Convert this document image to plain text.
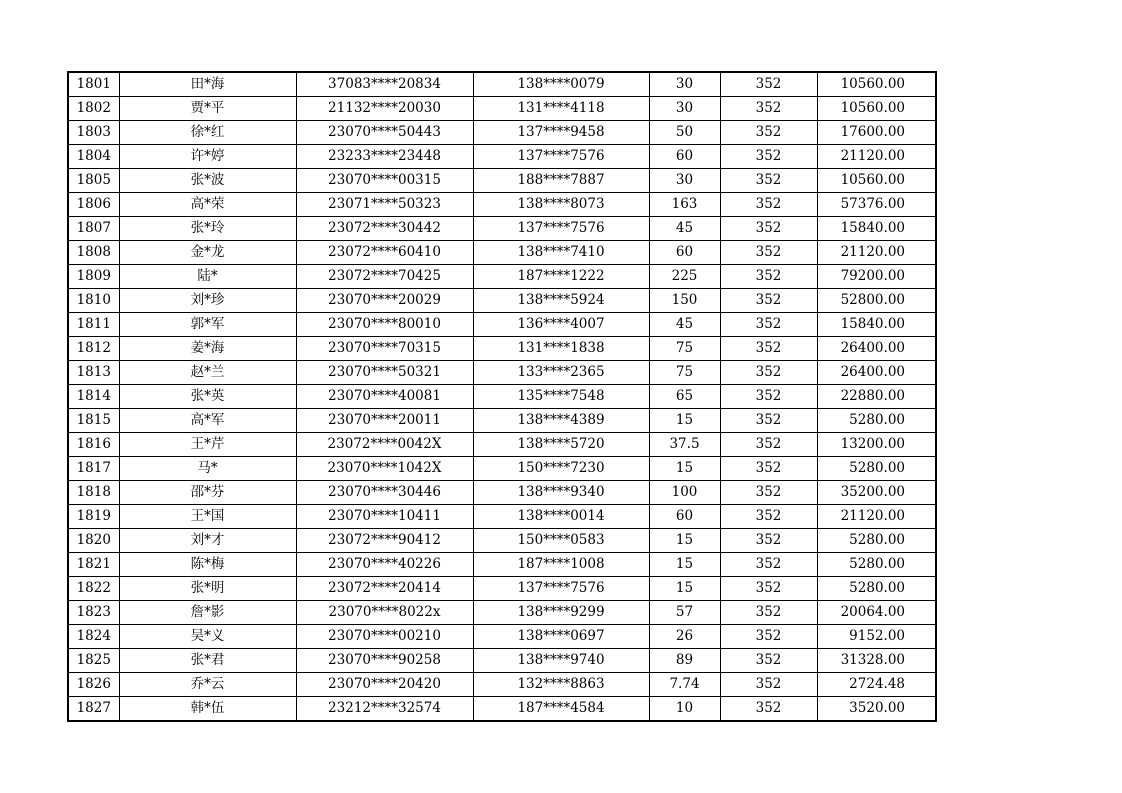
1801	田*海	37083****20834	138****0079	30	352	10560.00
1802	贾*平	21132****20030	131****4118	30	352	10560.00
1803	徐*红	23070****50443	137****9458	50	352	17600.00
1804	许*婷	23233****23448	137****7576	60	352	21120.00
1805	张*波	23070****00315	188****7887	30	352	10560.00
1806	高*荣	23071****50323	138****8073	163	352	57376.00
1807	张*玲	23072****30442	137****7576	45	352	15840.00
1808	金*龙	23072****60410	138****7410	60	352	21120.00
1809	陆*	23072****70425	187****1222	225	352	79200.00
1810	刘*珍	23070****20029	138****5924	150	352	52800.00
1811	郭*军	23070****80010	136****4007	45	352	15840.00
1812	姜*海	23070****70315	131****1838	75	352	26400.00
1813	赵*兰	23070****50321	133****2365	75	352	26400.00
1814	张*英	23070****40081	135****7548	65	352	22880.00
1815	高*军	23070****20011	138****4389	15	352	5280.00
1816	王*芹	23072****0042X	138****5720	37.5	352	13200.00
1817	马*	23070****1042X	150****7230	15	352	5280.00
1818	邵*芬	23070****30446	138****9340	100	352	35200.00
1819	王*国	23070****10411	138****0014	60	352	21120.00
1820	刘*才	23072****90412	150****0583	15	352	5280.00
1821	陈*梅	23070****40226	187****1008	15	352	5280.00
1822	张*明	23072****20414	137****7576	15	352	5280.00
1823	詹*影	23070****8022x	138****9299	57	352	20064.00
1824	吴*义	23070****00210	138****0697	26	352	9152.00
1825	张*君	23070****90258	138****9740	89	352	31328.00
1826	乔*云	23070****20420	132****8863	7.74	352	2724.48
1827	韩*伍	23212****32574	187****4584	10	352	3520.00
